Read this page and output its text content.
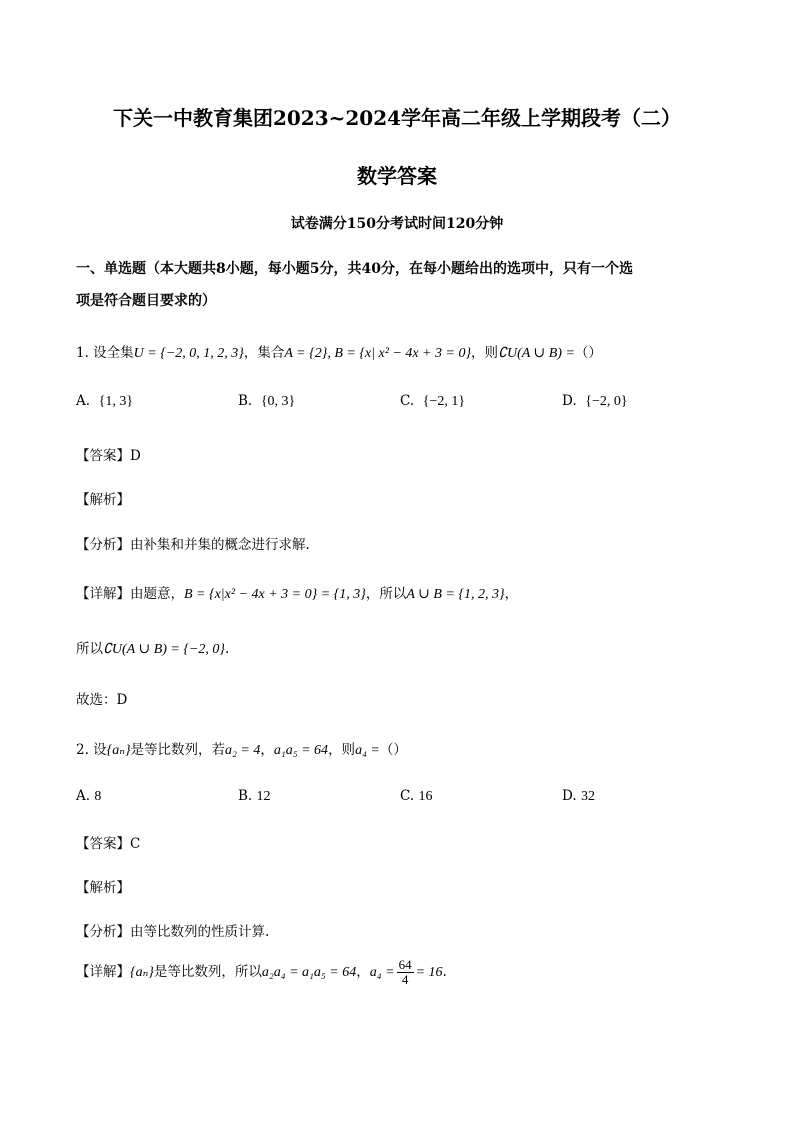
下关一中教育集团2023~2024学年高二年级上学期段考（二）
数学答案
试卷满分150分考试时间120分钟
一、单选题（本大题共8小题，每小题5分，共40分，在每小题给出的选项中，只有一个选
项是符合题目要求的）
1. 设全集U = {−2, 0, 1, 2, 3}，集合A = {2}, B = {x| x² − 4x + 3 = 0}，则∁U(A ∪ B) =（）
A. {1, 3}	B. {0, 3}	C. {−2, 1}	D. {−2, 0}
【答案】D
【解析】
【分析】由补集和并集的概念进行求解.
【详解】由题意，B = {x|x² − 4x + 3 = 0} = {1, 3}，所以A ∪ B = {1, 2, 3}，
所以∁U(A ∪ B) = {−2, 0}.
故选：D
2. 设{aₙ}是等比数列，若a₂ = 4，a₁a₅ = 64，则a₄ =（）
A. 8	B. 12	C. 16	D. 32
【答案】C
【解析】
【分析】由等比数列的性质计算.
【详解】{aₙ}是等比数列，所以a₂a₄ = a₁a₅ = 64，$a_4 = \frac{64}{4} = 16$.
